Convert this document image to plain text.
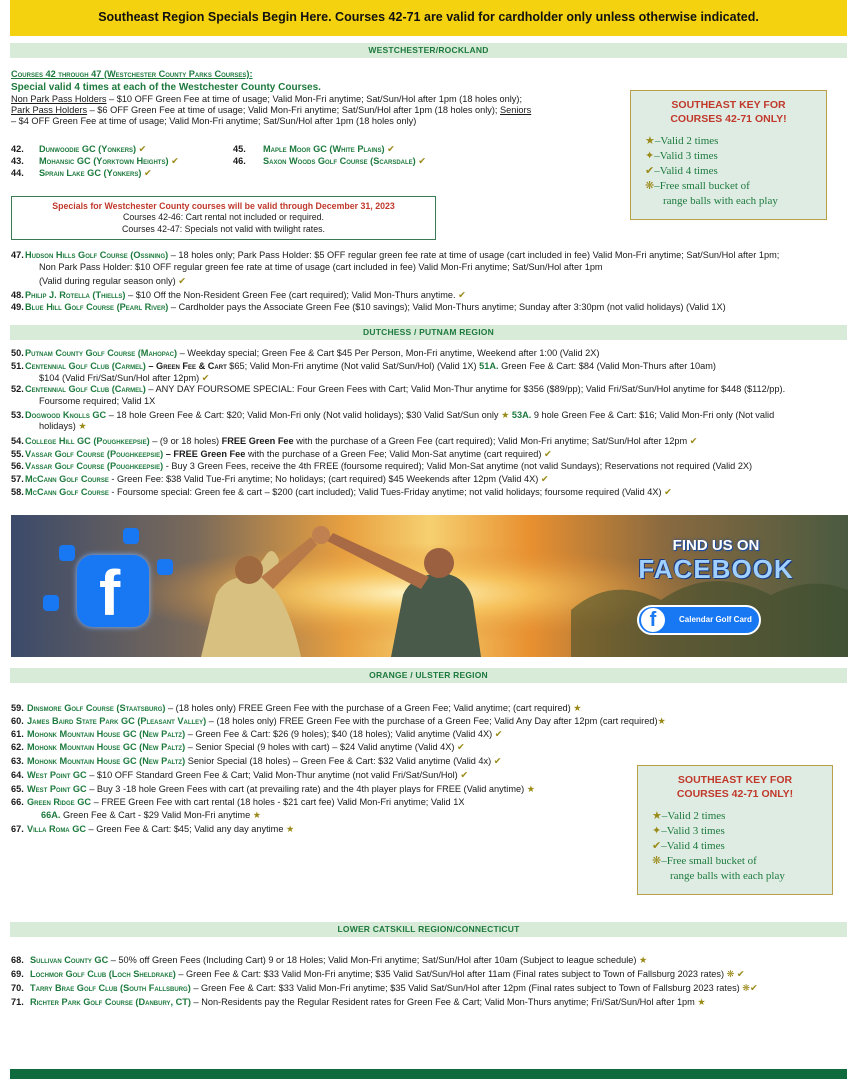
Southeast Region Specials Begin Here. Courses 42-71 are valid for cardholder only unless otherwise indicated.
WESTCHESTER/ROCKLAND
Courses 42 through 47 (Westchester County Parks Courses):
Special valid 4 times at each of the Westchester County Courses.
Non Park Pass Holders – $10 OFF Green Fee at time of usage; Valid Mon-Fri anytime; Sat/Sun/Hol after 1pm (18 holes only);
Park Pass Holders – $6 OFF Green Fee at time of usage; Valid Mon-Fri anytime; Sat/Sun/Hol after 1pm (18 holes only); Seniors
– $4 OFF Green Fee at time of usage; Valid Mon-Fri anytime; Sat/Sun/Hol after 1pm (18 holes only)
42. Dunwoodie GC (Yonkers) ✔
43. Mohansic GC (Yorktown Heights) ✔
44. Sprain Lake GC (Yonkers) ✔
45. Maple Moor GC (White Plains) ✔
46. Saxon Woods Golf Course (Scarsdale) ✔
SOUTHEAST KEY FOR COURSES 42-71 ONLY!
★–Valid 2 times
✦–Valid 3 times
✔–Valid 4 times
❋–Free small bucket of
range balls with each play
Specials for Westchester County courses will be valid through December 31, 2023
Courses 42-46: Cart rental not included or required.
Courses 42-47: Specials not valid with twilight rates.
47.Hudson Hills Golf Course (Ossining) – 18 holes only; Park Pass Holder: $5 OFF regular green fee rate at time of usage (cart included in fee) Valid Mon-Fri anytime; Sat/Sun/Hol after 1pm;
Non Park Pass Holder: $10 OFF regular green fee rate at time of usage (cart included in fee) Valid Mon-Fri anytime; Sat/Sun/Hol after 1pm
(Valid during regular season only) ✔
48.Philip J. Rotella (Thiells) – $10 Off the Non-Resident Green Fee (cart required); Valid Mon-Thurs anytime. ✔
49.Blue Hill Golf Course (Pearl River) – Cardholder pays the Associate Green Fee ($10 savings); Valid Mon-Thurs anytime; Sunday after 3:30pm (not valid holidays) (Valid 1X)
DUTCHESS / PUTNAM REGION
50.Putnam County Golf Course (Mahopac) – Weekday special; Green Fee & Cart $45 Per Person, Mon-Fri anytime, Weekend after 1:00 (Valid 2X)
51.Centennial Golf Club (Carmel) – Green Fee & Cart $65; Valid Mon-Fri anytime (Not valid Sat/Sun/Hol) (Valid 1X) 51A. Green Fee & Cart: $84 (Valid Mon-Thurs after 10am)
$104 (Valid Fri/Sat/Sun/Hol after 12pm) ✔
52.Centennial Golf Club (Carmel) – ANY DAY FOURSOME SPECIAL: Four Green Fees with Cart; Valid Mon-Thur anytime for $356 ($89/pp); Valid Fri/Sat/Sun/Hol anytime for $448 ($112/pp).
Foursome required; Valid 1X
53.Dogwood Knolls GC – 18 hole Green Fee & Cart: $20; Valid Mon-Fri only (Not valid holidays); $30 Valid Sat/Sun only ★ 53A. 9 hole Green Fee & Cart: $16; Valid Mon-Fri only (Not valid
holidays) ★
54.College Hill GC (Poughkeepsie) – (9 or 18 holes) FREE Green Fee with the purchase of a Green Fee (cart required); Valid Mon-Fri anytime; Sat/Sun/Hol after 12pm ✔
55.Vassar Golf Course (Poughkeepsie) – FREE Green Fee with the purchase of a Green Fee; Valid Mon-Sat anytime (cart required) ✔
56.Vassar Golf Course (Poughkeepsie) - Buy 3 Green Fees, receive the 4th FREE (foursome required); Valid Mon-Sat anytime (not valid Sundays); Reservations not required (Valid 2X)
57.McCann Golf Course - Green Fee: $38 Valid Tue-Fri anytime; No holidays; (cart required) $45 Weekends after 12pm (Valid 4X) ✔
58.McCann Golf Course - Foursome special: Green fee & cart – $200 (cart included); Valid Tues-Friday anytime; not valid holidays; foursome required (Valid 4X) ✔
f
FIND US ON
FACEBOOK
f	Calendar Golf Card
ORANGE / ULSTER REGION
59. Dinsmore Golf Course (Staatsburg) – (18 holes only) FREE Green Fee with the purchase of a Green Fee; Valid anytime; (cart required) ★
60. James Baird State Park GC (Pleasant Valley) – (18 holes only) FREE Green Fee with the purchase of a Green Fee; Valid Any Day after 12pm (cart required)★
61. Mohonk Mountain House GC (New Paltz) – Green Fee & Cart: $26 (9 holes); $40 (18 holes); Valid anytime (Valid 4X) ✔
62. Mohonk Mountain House GC (New Paltz) – Senior Special (9 holes with cart) – $24 Valid anytime (Valid 4X) ✔
63. Mohonk Mountain House GC (New Paltz) Senior Special (18 holes) – Green Fee & Cart: $32 Valid anytime (Valid 4x) ✔
64. West Point GC – $10 OFF Standard Green Fee & Cart; Valid Mon-Thur anytime (not valid Fri/Sat/Sun/Hol) ✔
65. West Point GC – Buy 3 -18 hole Green Fees with cart (at prevailing rate) and the 4th player plays for FREE (Valid anytime) ★
66. Green Ridge GC – FREE Green Fee with cart rental (18 holes - $21 cart fee) Valid Mon-Fri anytime; Valid 1X
66A. Green Fee & Cart - $29 Valid Mon-Fri anytime ★
67. Villa Roma GC – Green Fee & Cart: $45; Valid any day anytime ★
SOUTHEAST KEY FOR COURSES 42-71 ONLY!
★–Valid 2 times
✦–Valid 3 times
✔–Valid 4 times
❋–Free small bucket of
range balls with each play
LOWER CATSKILL REGION/CONNECTICUT
68. Sullivan County GC – 50% off Green Fees (Including Cart) 9 or 18 Holes; Valid Mon-Fri anytime; Sat/Sun/Hol after 10am (Subject to league schedule) ★
69. Lochmor Golf Club (Loch Sheldrake) – Green Fee & Cart: $33 Valid Mon-Fri anytime; $35 Valid Sat/Sun/Hol after 11am (Final rates subject to Town of Fallsburg 2023 rates) ❋ ✔
70. Tarry Brae Golf Club (South Fallsburg) – Green Fee & Cart: $33 Valid Mon-Fri anytime; $35 Valid Sat/Sun/Hol after 12pm (Final rates subject to Town of Fallsburg 2023 rates) ❋✔
71. Richter Park Golf Course (Danbury, CT) – Non-Residents pay the Regular Resident rates for Green Fee & Cart; Valid Mon-Thurs anytime; Fri/Sat/Sun/Hol after 1pm ★
